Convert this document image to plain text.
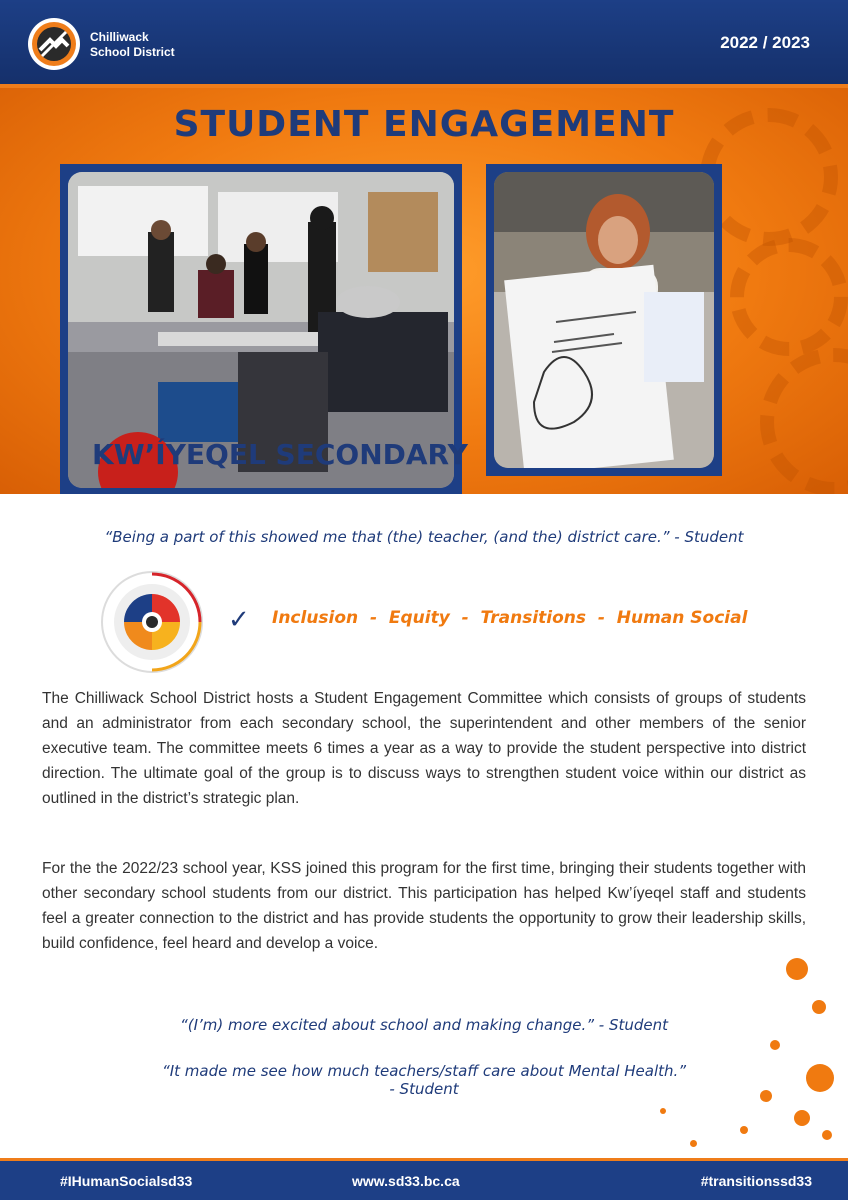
Chilliwack
School District	2022 / 2023
STUDENT ENGAGEMENT
KW’ÍYEQEL SECONDARY
“Being a part of this showed me that (the) teacher, (and the) district care.” - Student
✓ Inclusion  -  Equity  -  Transitions  -  Human Social

The Chilliwack School District hosts a Student Engagement Committee which consists of groups of students and an administrator from each secondary school, the superintendent and other members of the senior executive team. The committee meets 6 times a year as a way to provide the student perspective into district direction. The ultimate goal of the group is to discuss ways to strengthen student voice within our district as outlined in the district’s strategic plan.

For the the 2022/23 school year, KSS joined this program for the first time, bringing their students together with other secondary school students from our district. This participation has helped Kw’íyeqel staff and students feel a greater connection to the district and has provide students the opportunity to grow their leadership skills, build confidence, feel heard and develop a voice.

“(I’m) more excited about school and making change.” - Student
“It made me see how much teachers/staff care about Mental Health.”
- Student
#IHumanSocialsd33	www.sd33.bc.ca	#transitionssd33
